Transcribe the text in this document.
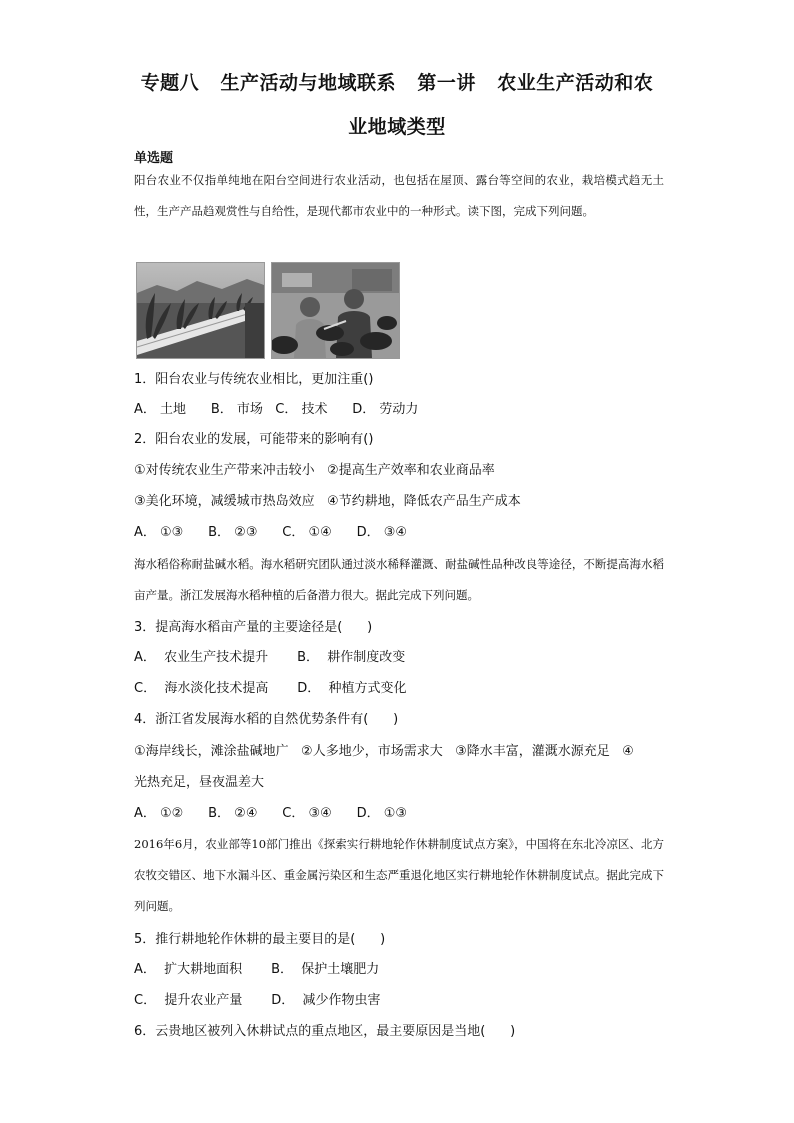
专题八 生产活动与地域联系 第一讲 农业生产活动和农
业地域类型

单选题

阳台农业不仅指单纯地在阳台空间进行农业活动，也包括在屋顶、露台等空间的农业，栽培模式趋无土性，生产产品趋观赏性与自给性，是现代都市农业中的一种形式。读下图，完成下列问题。

1．阳台农业与传统农业相比，更加注重()

A． 土地      B． 市场   C． 技术      D． 劳动力

2．阳台农业的发展，可能带来的影响有()

①对传统农业生产带来冲击较小   ②提高生产效率和农业商品率

③美化环境，减缓城市热岛效应   ④节约耕地，降低农产品生产成本

A． ①③      B． ②③      C． ①④      D． ③④

海水稻俗称耐盐碱水稻。海水稻研究团队通过淡水稀释灌溉、耐盐碱性品种改良等途径，不断提高海水稻亩产量。浙江发展海水稻种植的后备潜力很大。据此完成下列问题。

3．提高海水稻亩产量的主要途径是(      )

A．  农业生产技术提升       B．  耕作制度改变

C．  海水淡化技术提高       D．  种植方式变化

4．浙江省发展海水稻的自然优势条件有(      )

①海岸线长，滩涂盐碱地广   ②人多地少，市场需求大   ③降水丰富，灌溉水源充足   ④

光热充足，昼夜温差大

A． ①②      B． ②④      C． ③④      D． ①③

2016年6月，农业部等10部门推出《探索实行耕地轮作休耕制度试点方案》，中国将在东北冷凉区、北方农牧交错区、地下水漏斗区、重金属污染区和生态严重退化地区实行耕地轮作休耕制度试点。据此完成下列问题。

5．推行耕地轮作休耕的最主要目的是(      )

A．  扩大耕地面积       B．  保护土壤肥力

C．  提升农业产量       D．  减少作物虫害

6．云贵地区被列入休耕试点的重点地区，最主要原因是当地(      )
